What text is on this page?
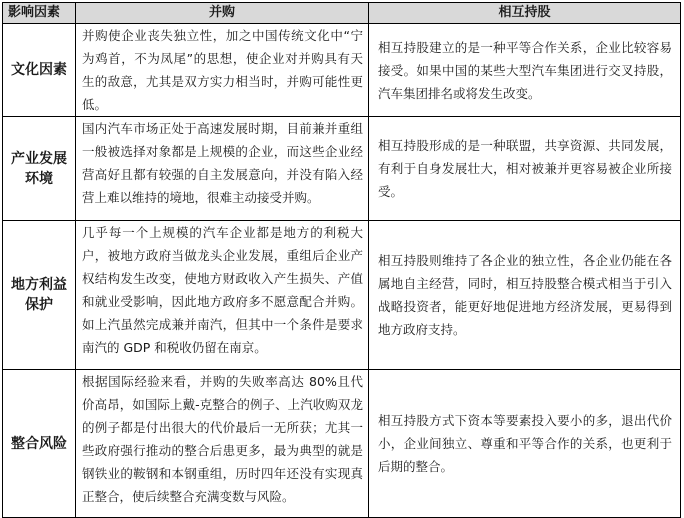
影响因素	并购	相互持股
文化因素	并购使企业丧失独立性，加之中国传统文化中“宁为鸡首，不为凤尾”的思想，使企业对并购具有天生的敌意，尤其是双方实力相当时，并购可能性更低。	相互持股建立的是一种平等合作关系，企业比较容易接受。如果中国的某些大型汽车集团进行交叉持股，汽车集团排名或将发生改变。
产业发展环境	国内汽车市场正处于高速发展时期，目前兼并重组一般被选择对象都是上规模的企业，而这些企业经营高好且都有较强的自主发展意向，并没有陷入经营上难以维持的境地，很难主动接受并购。	相互持股形成的是一种联盟，共享资源、共同发展，有利于自身发展壮大，相对被兼并更容易被企业所接受。
地方利益保护	几乎每一个上规模的汽车企业都是地方的利税大户，被地方政府当做龙头企业发展，重组后企业产权结构发生改变，使地方财政收入产生损失、产值和就业受影响，因此地方政府多不愿意配合并购。如上汽虽然完成兼并南汽，但其中一个条件是要求南汽的 GDP 和税收仍留在南京。	相互持股则维持了各企业的独立性，各企业仍能在各属地自主经营，同时，相互持股整合模式相当于引入战略投资者，能更好地促进地方经济发展，更易得到地方政府支持。
整合风险	根据国际经验来看，并购的失败率高达 80%且代价高昂，如国际上戴-克整合的例子、上汽收购双龙的例子都是付出很大的代价最后一无所获；尤其一些政府强行推动的整合后患更多，最为典型的就是钢铁业的鞍钢和本钢重组，历时四年还没有实现真正整合，使后续整合充满变数与风险。	相互持股方式下资本等要素投入要小的多，退出代价小，企业间独立、尊重和平等合作的关系，也更利于后期的整合。
